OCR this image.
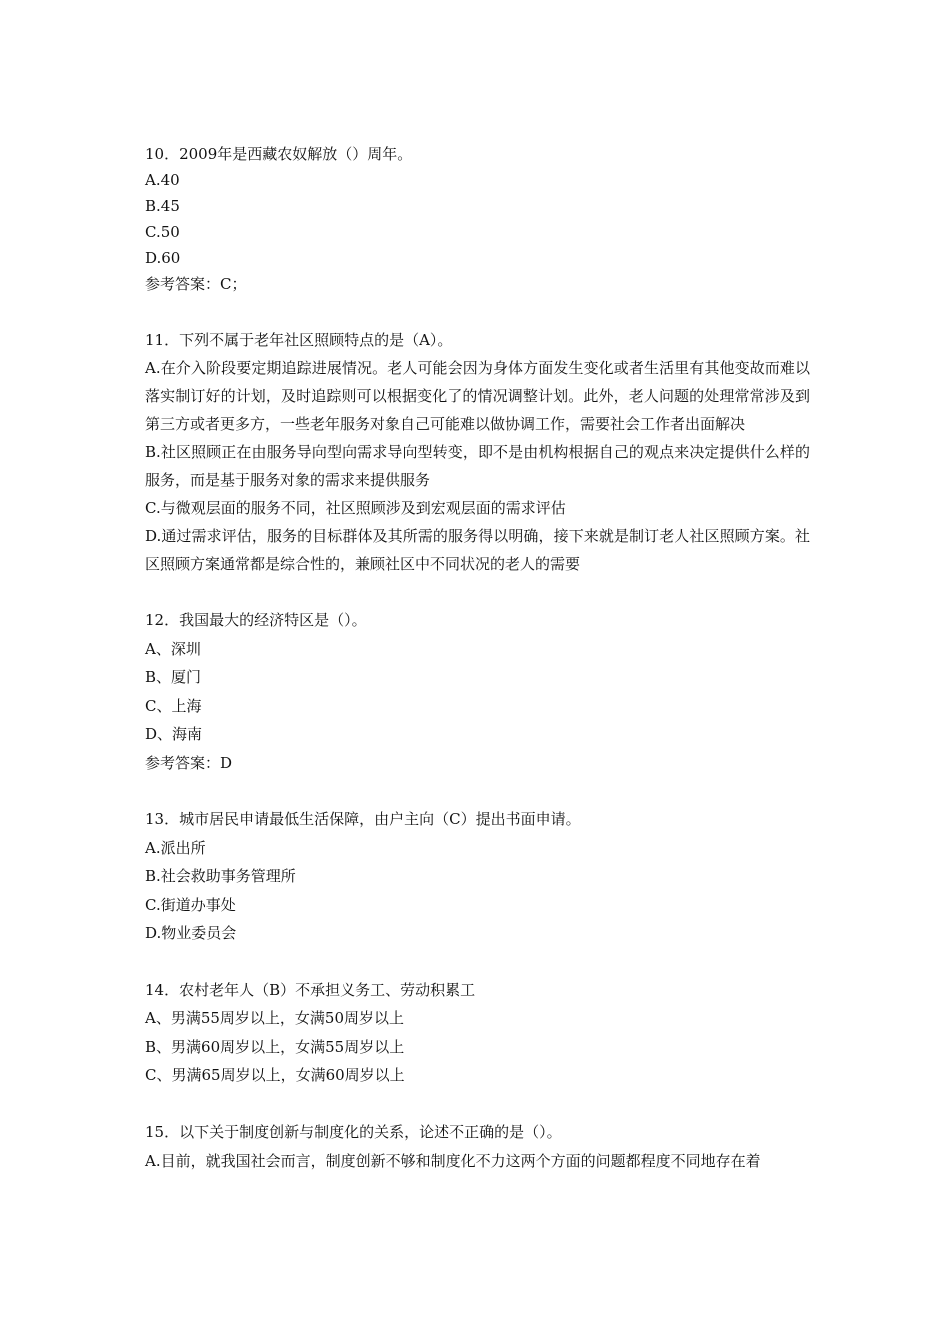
10．2009年是西藏农奴解放（）周年。
A.40
B.45
C.50
D.60
参考答案：C；
11．下列不属于老年社区照顾特点的是（A）。
A.在介入阶段要定期追踪进展情况。老人可能会因为身体方面发生变化或者生活里有其他变故而难以落实制订好的计划，及时追踪则可以根据变化了的情况调整计划。此外，老人问题的处理常常涉及到第三方或者更多方，一些老年服务对象自己可能难以做协调工作，需要社会工作者出面解决
B.社区照顾正在由服务导向型向需求导向型转变，即不是由机构根据自己的观点来决定提供什么样的服务，而是基于服务对象的需求来提供服务
C.与微观层面的服务不同，社区照顾涉及到宏观层面的需求评估
D.通过需求评估，服务的目标群体及其所需的服务得以明确，接下来就是制订老人社区照顾方案。社区照顾方案通常都是综合性的，兼顾社区中不同状况的老人的需要
12．我国最大的经济特区是（）。
A、深圳
B、厦门
C、上海
D、海南
参考答案：D
13．城市居民申请最低生活保障，由户主向（C）提出书面申请。
A.派出所
B.社会救助事务管理所
C.街道办事处
D.物业委员会
14．农村老年人（B）不承担义务工、劳动积累工
A、男满55周岁以上，女满50周岁以上
B、男满60周岁以上，女满55周岁以上
C、男满65周岁以上，女满60周岁以上
15．以下关于制度创新与制度化的关系，论述不正确的是（）。
A.目前，就我国社会而言，制度创新不够和制度化不力这两个方面的问题都程度不同地存在着
